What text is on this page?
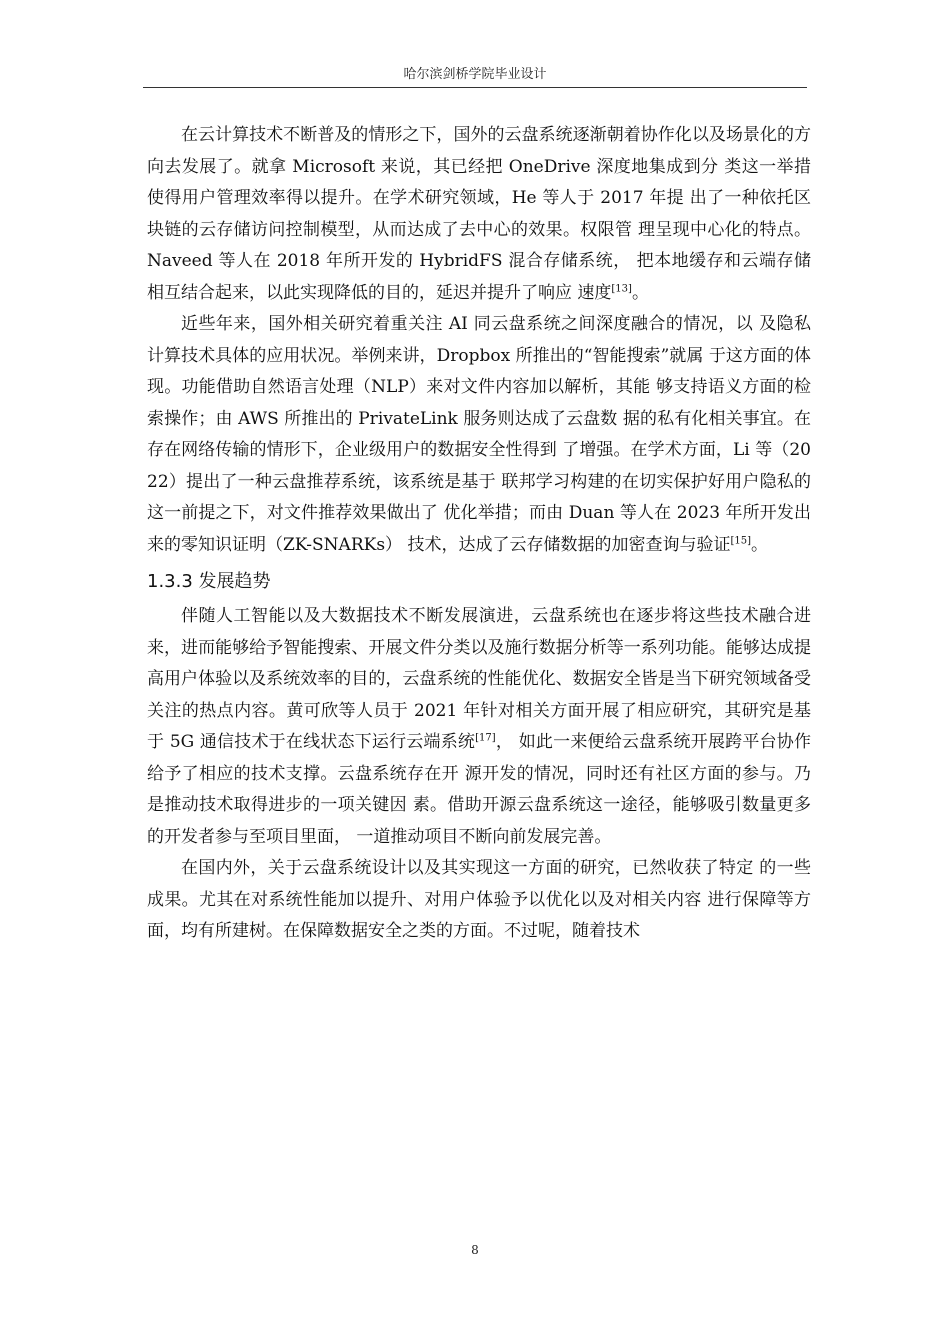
哈尔滨剑桥学院毕业设计

在云计算技术不断普及的情形之下，国外的云盘系统逐渐朝着协作化以及场景化的方向去发展了。就拿 Microsoft 来说，其已经把 OneDrive 深度地集成到分 类这一举措使得用户管理效率得以提升。在学术研究领域，He 等人于 2017 年提 出了一种依托区块链的云存储访问控制模型，从而达成了去中心的效果。权限管 理呈现中心化的特点。Naveed 等人在 2018 年所开发的 HybridFS 混合存储系统， 把本地缓存和云端存储相互结合起来，以此实现降低的目的，延迟并提升了响应 速度[13]。

近些年来，国外相关研究着重关注 AI 同云盘系统之间深度融合的情况，以 及隐私计算技术具体的应用状况。举例来讲，Dropbox 所推出的“智能搜索”就属 于这方面的体现。功能借助自然语言处理（NLP）来对文件内容加以解析，其能 够支持语义方面的检索操作；由 AWS 所推出的 PrivateLink 服务则达成了云盘数 据的私有化相关事宜。在存在网络传输的情形下，企业级用户的数据安全性得到 了增强。在学术方面，Li 等（2022）提出了一种云盘推荐系统，该系统是基于 联邦学习构建的在切实保护好用户隐私的这一前提之下，对文件推荐效果做出了 优化举措；而由 Duan 等人在 2023 年所开发出来的零知识证明（ZK-SNARKs） 技术，达成了云存储数据的加密查询与验证[15]。

1.3.3 发展趋势

伴随人工智能以及大数据技术不断发展演进，云盘系统也在逐步将这些技术融合进来，进而能够给予智能搜索、开展文件分类以及施行数据分析等一系列功能。能够达成提高用户体验以及系统效率的目的，云盘系统的性能优化、数据安全皆是当下研究领域备受关注的热点内容。黄可欣等人员于 2021 年针对相关方面开展了相应研究，其研究是基于 5G 通信技术于在线状态下运行云端系统[17]， 如此一来便给云盘系统开展跨平台协作给予了相应的技术支撑。云盘系统存在开 源开发的情况，同时还有社区方面的参与。乃是推动技术取得进步的一项关键因 素。借助开源云盘系统这一途径，能够吸引数量更多的开发者参与至项目里面， 一道推动项目不断向前发展完善。

在国内外，关于云盘系统设计以及其实现这一方面的研究，已然收获了特定 的一些成果。尤其在对系统性能加以提升、对用户体验予以优化以及对相关内容 进行保障等方面，均有所建树。在保障数据安全之类的方面。不过呢，随着技术

8
